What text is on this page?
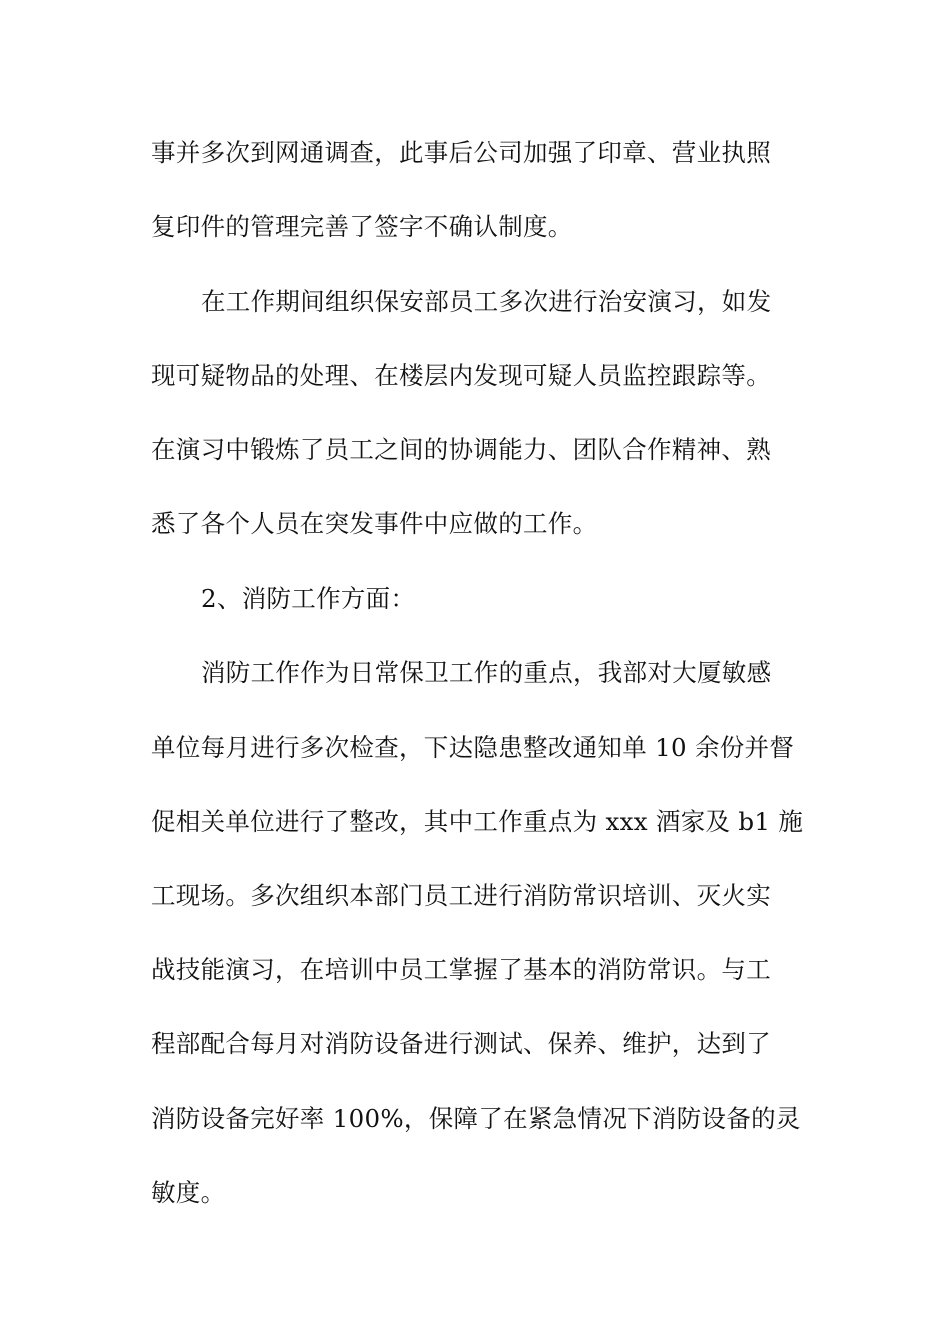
事并多次到网通调查，此事后公司加强了印章、营业执照
复印件的管理完善了签字不确认制度。
在工作期间组织保安部员工多次进行治安演习，如发
现可疑物品的处理、在楼层内发现可疑人员监控跟踪等。
在演习中锻炼了员工之间的协调能力、团队合作精神、熟
悉了各个人员在突发事件中应做的工作。
2、消防工作方面：
消防工作作为日常保卫工作的重点，我部对大厦敏感
单位每月进行多次检查，下达隐患整改通知单 10 余份并督
促相关单位进行了整改，其中工作重点为 xxx 酒家及 b1 施
工现场。多次组织本部门员工进行消防常识培训、灭火实
战技能演习，在培训中员工掌握了基本的消防常识。与工
程部配合每月对消防设备进行测试、保养、维护，达到了
消防设备完好率 100%，保障了在紧急情况下消防设备的灵
敏度。
